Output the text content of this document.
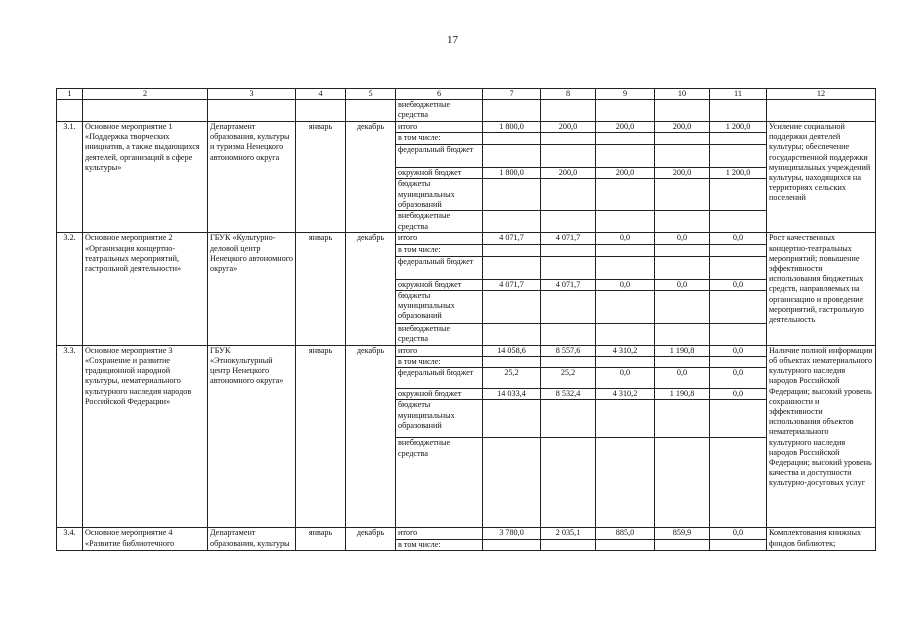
17
1	2	3	4	5	6	7	8	9	10	11	12
					внебюджетные средства						
3.1.	Основное мероприятие 1 «Поддержка творческих инициатив, а также выдающихся деятелей, организаций в сфере культуры»	Департамент образования, культуры и туризма Ненецкого автономного округа	январь	декабрь	итого	1 800,0	200,0	200,0	200,0	1 200,0	Усиление социальной поддержки деятелей культуры; обеспечение государственной поддержки муниципальных учреждений культуры, находящихся на территориях сельских поселений
					в том числе:						
					федеральный бюджет						
					окружной бюджет	1 800,0	200,0	200,0	200,0	1 200,0	
					бюджеты муниципальных образований						
					внебюджетные средства						
3.2.	Основное мероприятие 2 «Организация концертно-театральных мероприятий, гастрольной деятельности»	ГБУК «Культурно-деловой центр Ненецкого автономного округа»	январь	декабрь	итого	4 071,7	4 071,7	0,0	0,0	0,0	Рост качественных концертно-театральных мероприятий; повышение эффективности использования бюджетных средств, направляемых на организацию и проведение мероприятий, гастрольную деятельность
					в том числе:						
					федеральный бюджет						
					окружной бюджет	4 071,7	4 071,7	0,0	0,0	0,0	
					бюджеты муниципальных образований						
					внебюджетные средства						
3.3.	Основное мероприятие 3 «Сохранение и развитие традиционной народной культуры, нематериального культурного наследия народов Российской Федерации»	ГБУК «Этнокультурный центр Ненецкого автономного округа»	январь	декабрь	итого	14 058,6	8 557,6	4 310,2	1 190,8	0,0	Наличие полной информации об объектах нематериального культурного наследия народов Российской Федерации; высокий уровень сохранности и эффективности использования объектов нематериального культурного наследия народов Российской Федерации; высокий уровень качества и доступности культурно-досуговых услуг
					в том числе:						
					федеральный бюджет	25,2	25,2	0,0	0,0	0,0	
					окружной бюджет	14 033,4	8 532,4	4 310,2	1 190,8	0,0	
					бюджеты муниципальных образований						
					внебюджетные средства						
3.4.	Основное мероприятие 4 «Развитие библиотечного	Департамент образования, культуры	январь	декабрь	итого	3 780,0	2 035,1	885,0	859,9	0,0	Комплектования книжных фондов библиотек;
					в том числе:						
